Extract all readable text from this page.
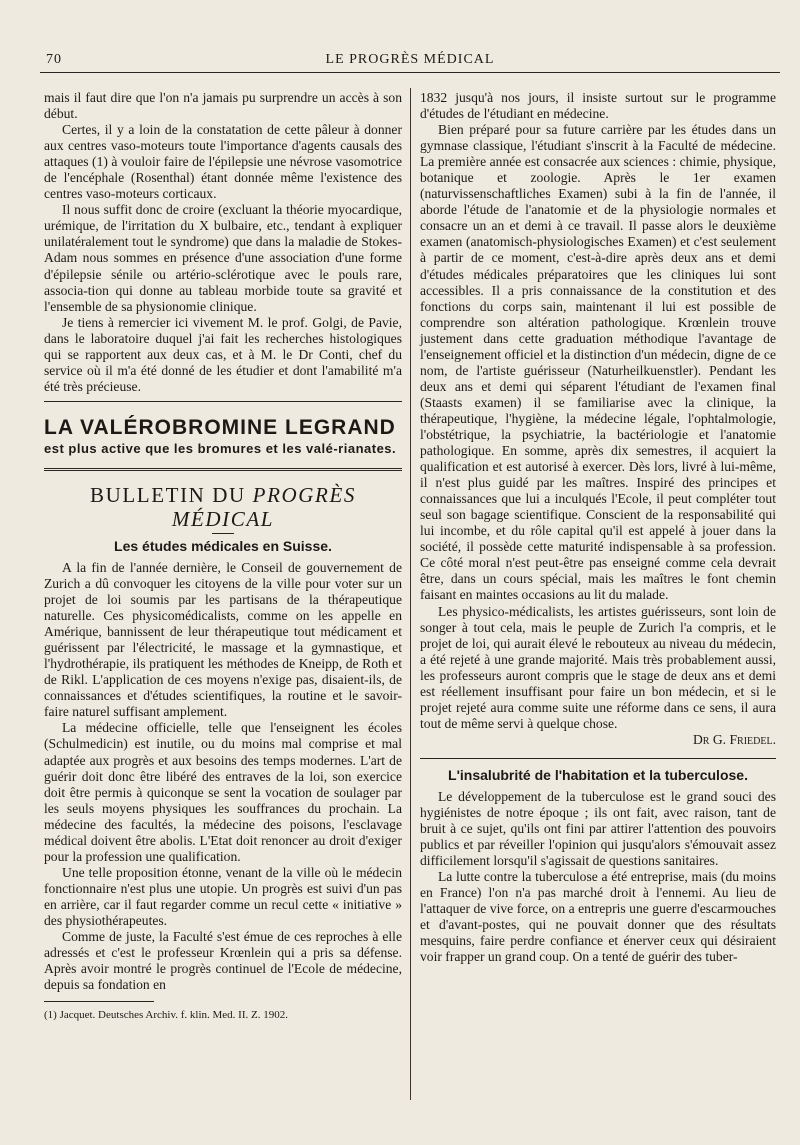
70	LE PROGRÈS MÉDICAL

mais il faut dire que l'on n'a jamais pu surprendre un accès à son début.

Certes, il y a loin de la constatation de cette pâleur à donner aux centres vaso-moteurs toute l'importance d'agents causals des attaques (1) à vouloir faire de l'épilepsie une névrose vasomotrice de l'encéphale (Rosenthal) étant donnée même l'existence des centres vaso-moteurs corticaux.

Il nous suffit donc de croire (excluant la théorie myocardique, urémique, de l'irritation du X bulbaire, etc., tendant à expliquer unilatéralement tout le syndrome) que dans la maladie de Stokes-Adam nous sommes en présence d'une association d'une forme d'épilepsie sénile ou artério-sclérotique avec le pouls rare, associa-tion qui donne au tableau morbide toute sa gravité et l'ensemble de sa physionomie clinique.

Je tiens à remercier ici vivement M. le prof. Golgi, de Pavie, dans le laboratoire duquel j'ai fait les recherches histologiques qui se rapportent aux deux cas, et à M. le Dr Conti, chef du service où il m'a été donné de les étudier et dont l'amabilité m'a été très précieuse.

LA VALÉROBROMINE LEGRAND
est plus active que les bromures et les valé-rianates.
BULLETIN DU PROGRÈS MÉDICAL
Les études médicales en Suisse.

A la fin de l'année dernière, le Conseil de gouvernement de Zurich a dû convoquer les citoyens de la ville pour voter sur un projet de loi soumis par les partisans de la thérapeutique naturelle. Ces physicomédicalists, comme on les appelle en Amérique, bannissent de leur thérapeutique tout médicament et guérissent par l'électricité, le massage et la gymnastique, et l'hydrothérapie, ils pratiquent les méthodes de Kneipp, de Roth et de Rikl. L'application de ces moyens n'exige pas, disaient-ils, de connaissances et d'études scientifiques, la routine et le savoir-faire naturel suffisant amplement.

La médecine officielle, telle que l'enseignent les écoles (Schulmedicin) est inutile, ou du moins mal comprise et mal adaptée aux progrès et aux besoins des temps modernes. L'art de guérir doit donc être libéré des entraves de la loi, son exercice doit être permis à quiconque se sent la vocation de soulager par les seuls moyens physiques les souffrances du prochain. La médecine des facultés, la médecine des poisons, l'esclavage médical doivent être abolis. L'Etat doit renoncer au droit d'exiger pour la profession une qualification.

Une telle proposition étonne, venant de la ville où le médecin fonctionnaire n'est plus une utopie. Un progrès est suivi d'un pas en arrière, car il faut regarder comme un recul cette « initiative » des physiothérapeutes.

Comme de juste, la Faculté s'est émue de ces reproches à elle adressés et c'est le professeur Krœnlein qui a pris sa défense. Après avoir montré le progrès continuel de l'Ecole de médecine, depuis sa fondation en

(1) Jacquet. Deutsches Archiv. f. klin. Med. II. Z. 1902.

1832 jusqu'à nos jours, il insiste surtout sur le programme d'études de l'étudiant en médecine.

Bien préparé pour sa future carrière par les études dans un gymnase classique, l'étudiant s'inscrit à la Faculté de médecine. La première année est consacrée aux sciences : chimie, physique, botanique et zoologie. Après le 1er examen (naturvissenschaftliches Examen) subi à la fin de l'année, il aborde l'étude de l'anatomie et de la physiologie normales et consacre un an et demi à ce travail. Il passe alors le deuxième examen (anatomisch-physiologisches Examen) et c'est seulement à partir de ce moment, c'est-à-dire après deux ans et demi d'études médicales préparatoires que les cliniques lui sont accessibles. Il a pris connaissance de la constitution et des fonctions du corps sain, maintenant il lui est possible de comprendre son altération pathologique. Krœnlein trouve justement dans cette graduation méthodique l'avantage de l'enseignement officiel et la distinction d'un médecin, digne de ce nom, de l'artiste guérisseur (Naturheilkuenstler). Pendant les deux ans et demi qui séparent l'étudiant de l'examen final (Staasts examen) il se familiarise avec la clinique, la thérapeutique, l'hygiène, la médecine légale, l'ophtalmologie, l'obstétrique, la psychiatrie, la bactériologie et l'anatomie pathologique. En somme, après dix semestres, il acquiert la qualification et est autorisé à exercer. Dès lors, livré à lui-même, il n'est plus guidé par les maîtres. Inspiré des principes et connaissances que lui a inculqués l'Ecole, il peut compléter tout seul son bagage scientifique. Conscient de la responsabilité qui lui incombe, et du rôle capital qu'il est appelé à jouer dans la société, il possède cette maturité indispensable à sa profession. Ce côté moral n'est peut-être pas enseigné comme cela devrait être, dans un cours spécial, mais les maîtres le font chemin faisant en maintes occasions au lit du malade.

Les physico-médicalists, les artistes guérisseurs, sont loin de songer à tout cela, mais le peuple de Zurich l'a compris, et le projet de loi, qui aurait élevé le rebouteux au niveau du médecin, a été rejeté à une grande majorité. Mais très probablement aussi, les professeurs auront compris que le stage de deux ans et demi est réellement insuffisant pour faire un bon médecin, et si le projet rejeté aura comme suite une réforme dans ce sens, il aura tout de même servi à quelque chose.

Dr G. Friedel.

L'insalubrité de l'habitation et la tuberculose.

Le développement de la tuberculose est le grand souci des hygiénistes de notre époque ; ils ont fait, avec raison, tant de bruit à ce sujet, qu'ils ont fini par attirer l'attention des pouvoirs publics et par réveiller l'opinion qui jusqu'alors s'émouvait assez difficilement lorsqu'il s'agissait de questions sanitaires.

La lutte contre la tuberculose a été entreprise, mais (du moins en France) l'on n'a pas marché droit à l'ennemi. Au lieu de l'attaquer de vive force, on a entrepris une guerre d'escarmouches et d'avant-postes, qui ne pouvait donner que des résultats mesquins, faire perdre confiance et énerver ceux qui désiraient voir frapper un grand coup. On a tenté de guérir des tuber-
